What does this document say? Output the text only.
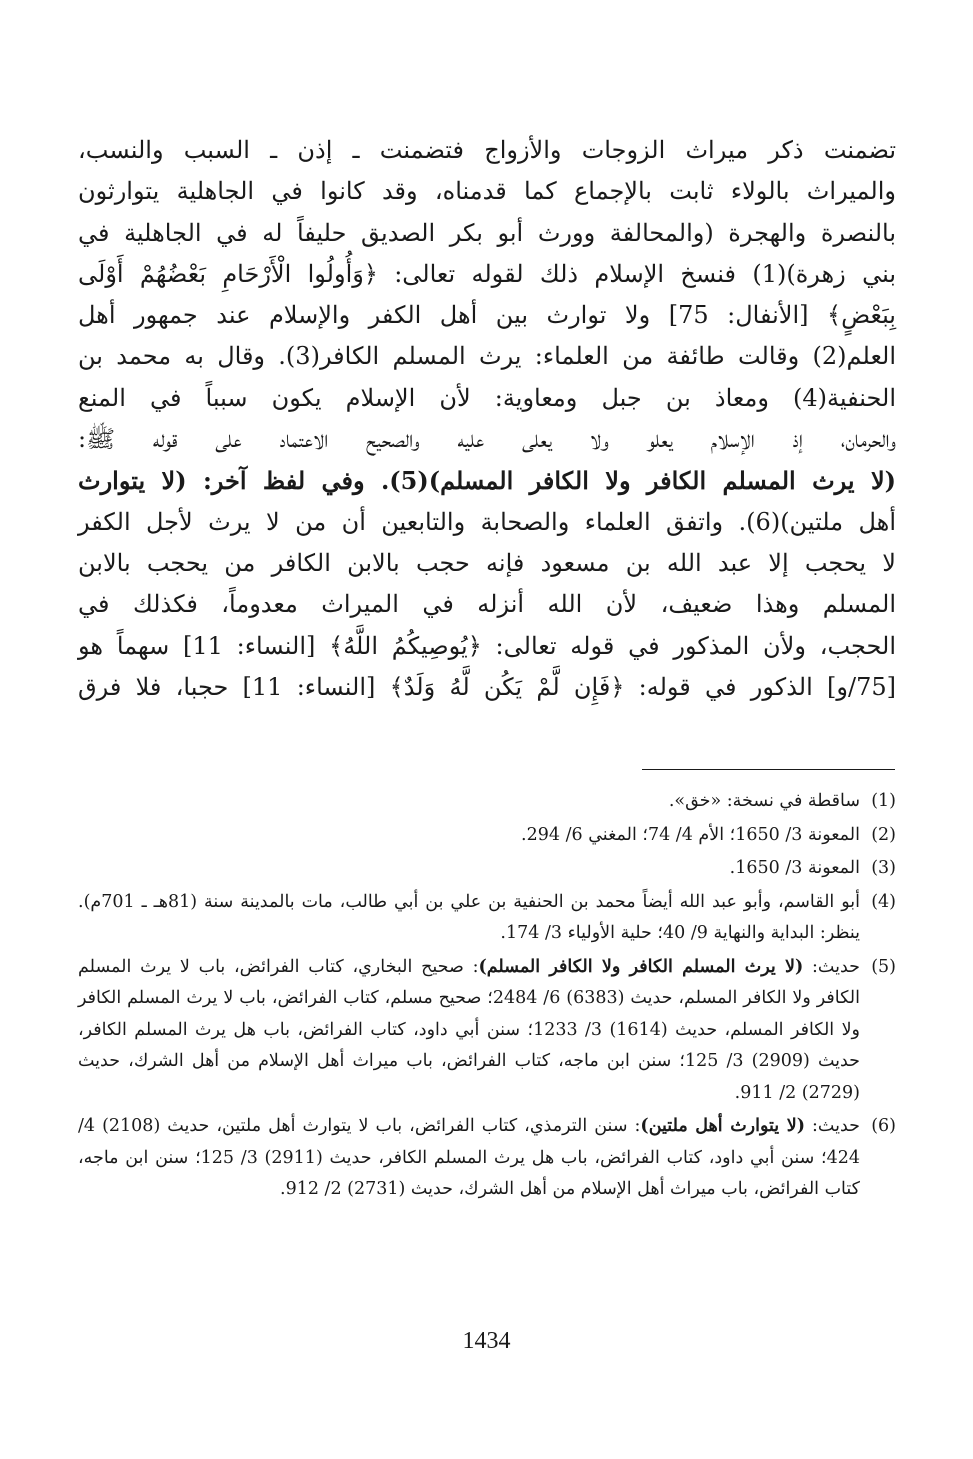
تضمنت ذكر ميراث الزوجات والأزواج فتضمنت ـ إذن ـ السبب والنسب،
والميراث بالولاء ثابت بالإجماع كما قدمناه، وقد كانوا في الجاهلية يتوارثون
بالنصرة والهجرة (والمحالفة وورث أبو بكر الصديق حليفاً له في الجاهلية في
بني زهرة)(1) فنسخ الإسلام ذلك لقوله تعالى: ﴿وَأُولُوا الْأَرْحَامِ بَعْضُهُمْ أَوْلَى
بِبَعْضٍ﴾ [الأنفال: 75] ولا توارث بين أهل الكفر والإسلام عند جمهور أهل
العلم(2) وقالت طائفة من العلماء: يرث المسلم الكافر(3). وقال به محمد بن
الحنفية(4) ومعاذ بن جبل ومعاوية: لأن الإسلام يكون سبباً في المنع
والحرمان، إذ الإسلام يعلو ولا يعلى عليه والصحيح الاعتماد على قوله ﷺ:
(لا يرث المسلم الكافر ولا الكافر المسلم)(5). وفي لفظ آخر: (لا يتوارث
أهل ملتين)(6). واتفق العلماء والصحابة والتابعين أن من لا يرث لأجل الكفر
لا يحجب إلا عبد الله بن مسعود فإنه حجب بالابن الكافر من يحجب بالابن
المسلم وهذا ضعيف، لأن الله أنزله في الميراث معدوماً، فكذلك في
الحجب، ولأن المذكور في قوله تعالى: ﴿يُوصِيكُمُ اللَّهُ﴾ [النساء: 11] سهماً هو
[75/و] الذكور في قوله: ﴿فَإِن لَّمْ يَكُن لَّهُ وَلَدٌ﴾ [النساء: 11] حجبا، فلا فرق
(1)
ساقطة في نسخة: «خق».
(2)
المعونة 3/ 1650؛ الأم 4/ 74؛ المغني 6/ 294.
(3)
المعونة 3/ 1650.
(4)
أبو القاسم، وأبو عبد الله أيضاً محمد بن الحنفية بن علي بن أبي طالب، مات بالمدينة سنة (81هـ ـ 701م). ينظر: البداية والنهاية 9/ 40؛ حلية الأولياء 3/ 174.
(5)
حديث: (لا يرث المسلم الكافر ولا الكافر المسلم): صحيح البخاري، كتاب الفرائض، باب لا يرث المسلم الكافر ولا الكافر المسلم، حديث (6383) 6/ 2484؛ صحيح مسلم، كتاب الفرائض، باب لا يرث المسلم الكافر ولا الكافر المسلم، حديث (1614) 3/ 1233؛ سنن أبي داود، كتاب الفرائض، باب هل يرث المسلم الكافر، حديث (2909) 3/ 125؛ سنن ابن ماجه، كتاب الفرائض، باب ميراث أهل الإسلام من أهل الشرك، حديث (2729) 2/ 911.
(6)
حديث: (لا يتوارث أهل ملتين): سنن الترمذي، كتاب الفرائض، باب لا يتوارث أهل ملتين، حديث (2108) 4/ 424؛ سنن أبي داود، كتاب الفرائض، باب هل يرث المسلم الكافر، حديث (2911) 3/ 125؛ سنن ابن ماجه، كتاب الفرائض، باب ميراث أهل الإسلام من أهل الشرك، حديث (2731) 2/ 912.
1434
